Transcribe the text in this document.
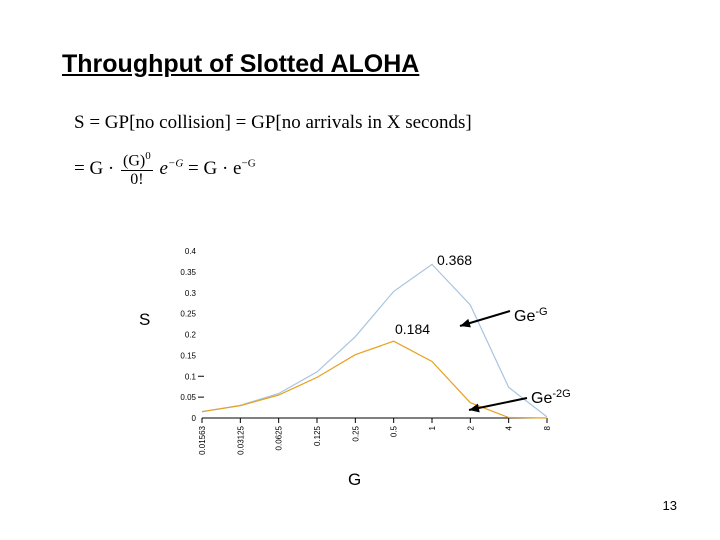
Throughput of Slotted ALOHA
S = GP[no collision] = GP[no arrivals in X seconds]
= $G \cdot \frac{(G)^0}{0!} e^{-G} = G \cdot e^{-G}$
0
0.05
0.1
0.15
0.2
0.25
0.3
0.35
0.4
0.01563	0.03125	0.0625	0.125	0.25	0.5	1	2	4	8
S
G
0.368
0.184
$Ge^{-G}$
$Ge^{-2G}$
13
